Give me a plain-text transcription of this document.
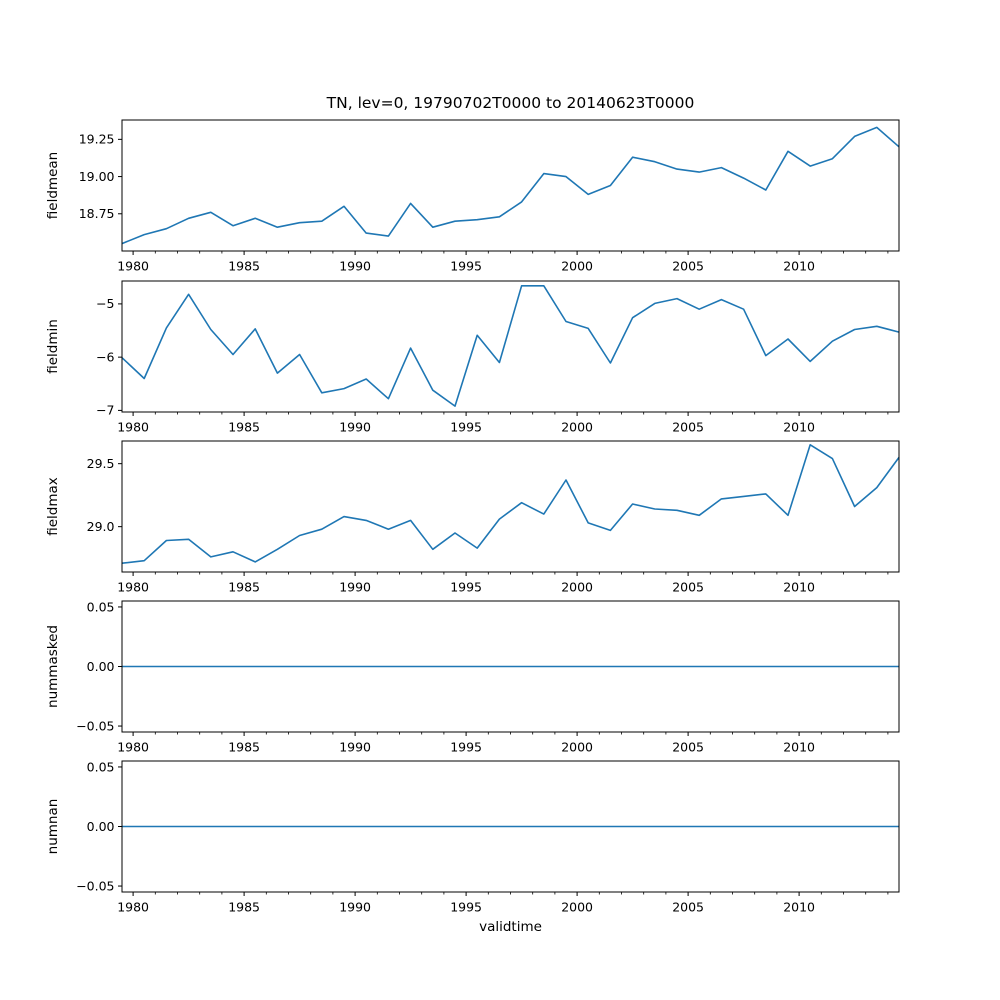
TN, lev=0, 19790702T0000 to 20140623T0000
19.25
19.00
18.75
1980	1985	1990	1995	2000	2005	2010
fieldmean
−5
−6
−7
1980	1985	1990	1995	2000	2005	2010
fieldmin
29.5
29.0
1980	1985	1990	1995	2000	2005	2010
fieldmax
0.05
0.00
−0.05
1980	1985	1990	1995	2000	2005	2010
nummasked
0.05
0.00
−0.05
1980	1985	1990	1995	2000	2005	2010
numnan
validtime
